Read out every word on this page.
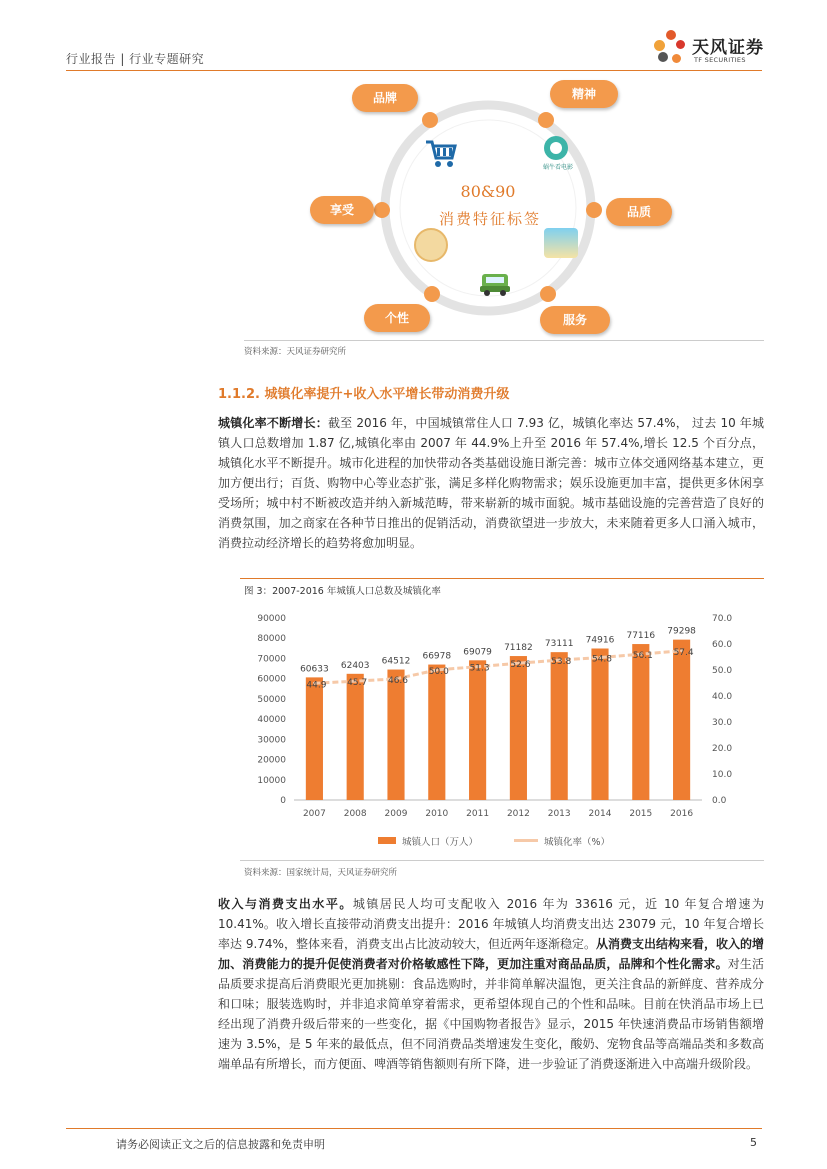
行业报告 | 行业专题研究
天风证券
TF SECURITIES
品牌	精神
享受	品质
个性	服务
80&90
消费特征标签
蜗牛看电影
资料来源：天风证券研究所
1.1.2. 城镇化率提升+收入水平增长带动消费升级
城镇化率不断增长：截至 2016 年，中国城镇常住人口 7.93 亿，城镇化率达 57.4%， 过去 10 年城镇人口总数增加 1.87 亿,城镇化率由 2007 年 44.9%上升至 2016 年 57.4%,增长 12.5 个百分点，城镇化水平不断提升。城市化进程的加快带动各类基础设施日渐完善：城市立体交通网络基本建立，更加方便出行；百货、购物中心等业态扩张，满足多样化购物需求；娱乐设施更加丰富，提供更多休闲享受场所；城中村不断被改造并纳入新城范畴，带来崭新的城市面貌。城市基础设施的完善营造了良好的消费氛围，加之商家在各种节日推出的促销活动，消费欲望进一步放大，未来随着更多人口涌入城市，消费拉动经济增长的趋势将愈加明显。
图 3：2007-2016 年城镇人口总数及城镇化率
0
10000
20000
30000
40000
50000
60000
70000
80000
90000
0.0
10.0
20.0
30.0
40.0
50.0
60.0
70.0
60633
2007
62403
2008
64512
2009
66978
2010
69079
2011
71182
2012
73111
2013
74916
2014
77116
2015
79298
2016
44.9 45.7 46.6
50.0 51.3 52.6 53.8 54.8 56.1 57.4
城镇人口（万人）	城镇化率（%）
资料来源：国家统计局，天风证券研究所
收入与消费支出水平。城镇居民人均可支配收入 2016 年为 33616 元，近 10 年复合增速为 10.41%。收入增长直接带动消费支出提升：2016 年城镇人均消费支出达 23079 元，10 年复合增长率达 9.74%，整体来看，消费支出占比波动较大，但近两年逐渐稳定。从消费支出结构来看，收入的增加、消费能力的提升促使消费者对价格敏感性下降，更加注重对商品品质，品牌和个性化需求。对生活品质要求提高后消费眼光更加挑剔：食品选购时，并非简单解决温饱，更关注食品的新鲜度、营养成分和口味；服装选购时，并非追求简单穿着需求，更希望体现自己的个性和品味。目前在快消品市场上已经出现了消费升级后带来的一些变化，据《中国购物者报告》显示，2015 年快速消费品市场销售额增速为 3.5%，是 5 年来的最低点，但不同消费品类增速发生变化，酸奶、宠物食品等高端品类和多数高端单品有所增长，而方便面、啤酒等销售额则有所下降，进一步验证了消费逐渐进入中高端升级阶段。
请务必阅读正文之后的信息披露和免责申明	5
